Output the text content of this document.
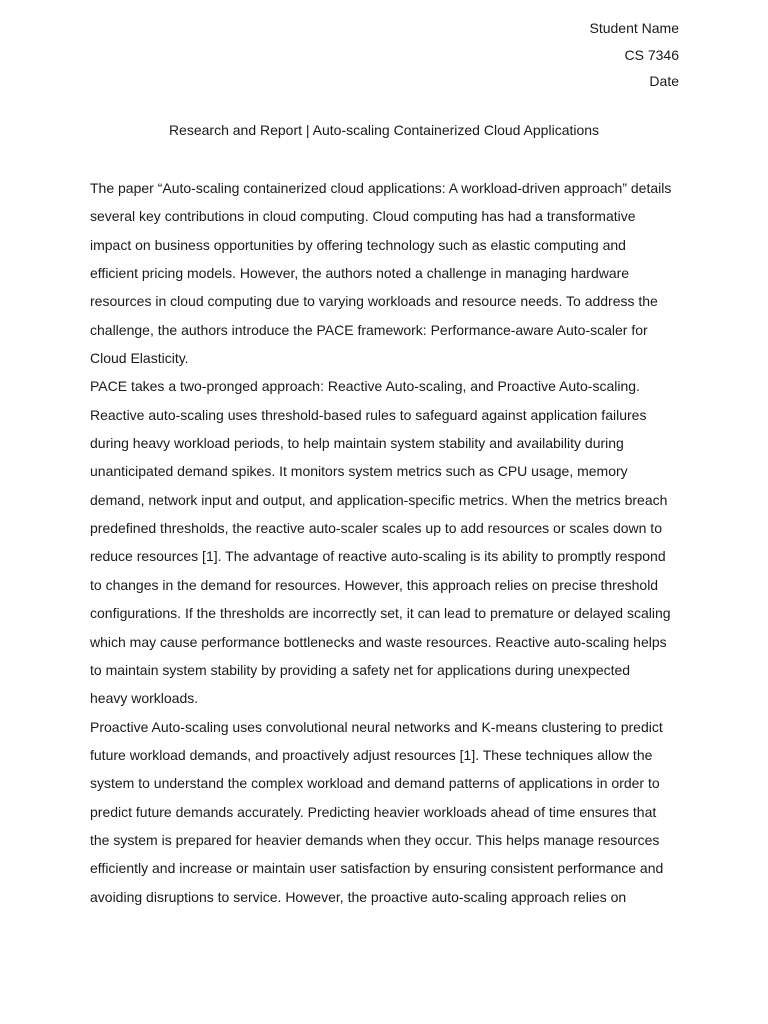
Student Name
CS 7346
Date
Research and Report | Auto-scaling Containerized Cloud Applications
The paper “Auto-scaling containerized cloud applications: A workload-driven approach” details
several key contributions in cloud computing. Cloud computing has had a transformative
impact on business opportunities by offering technology such as elastic computing and
efficient pricing models. However, the authors noted a challenge in managing hardware
resources in cloud computing due to varying workloads and resource needs. To address the
challenge, the authors introduce the PACE framework: Performance-aware Auto-scaler for
Cloud Elasticity.
PACE takes a two-pronged approach: Reactive Auto-scaling, and Proactive Auto-scaling.
Reactive auto-scaling uses threshold-based rules to safeguard against application failures
during heavy workload periods, to help maintain system stability and availability during
unanticipated demand spikes. It monitors system metrics such as CPU usage, memory
demand, network input and output, and application-specific metrics. When the metrics breach
predefined thresholds, the reactive auto-scaler scales up to add resources or scales down to
reduce resources [1]. The advantage of reactive auto-scaling is its ability to promptly respond
to changes in the demand for resources. However, this approach relies on precise threshold
configurations. If the thresholds are incorrectly set, it can lead to premature or delayed scaling
which may cause performance bottlenecks and waste resources. Reactive auto-scaling helps
to maintain system stability by providing a safety net for applications during unexpected
heavy workloads.
Proactive Auto-scaling uses convolutional neural networks and K-means clustering to predict
future workload demands, and proactively adjust resources [1]. These techniques allow the
system to understand the complex workload and demand patterns of applications in order to
predict future demands accurately. Predicting heavier workloads ahead of time ensures that
the system is prepared for heavier demands when they occur. This helps manage resources
efficiently and increase or maintain user satisfaction by ensuring consistent performance and
avoiding disruptions to service. However, the proactive auto-scaling approach relies on
